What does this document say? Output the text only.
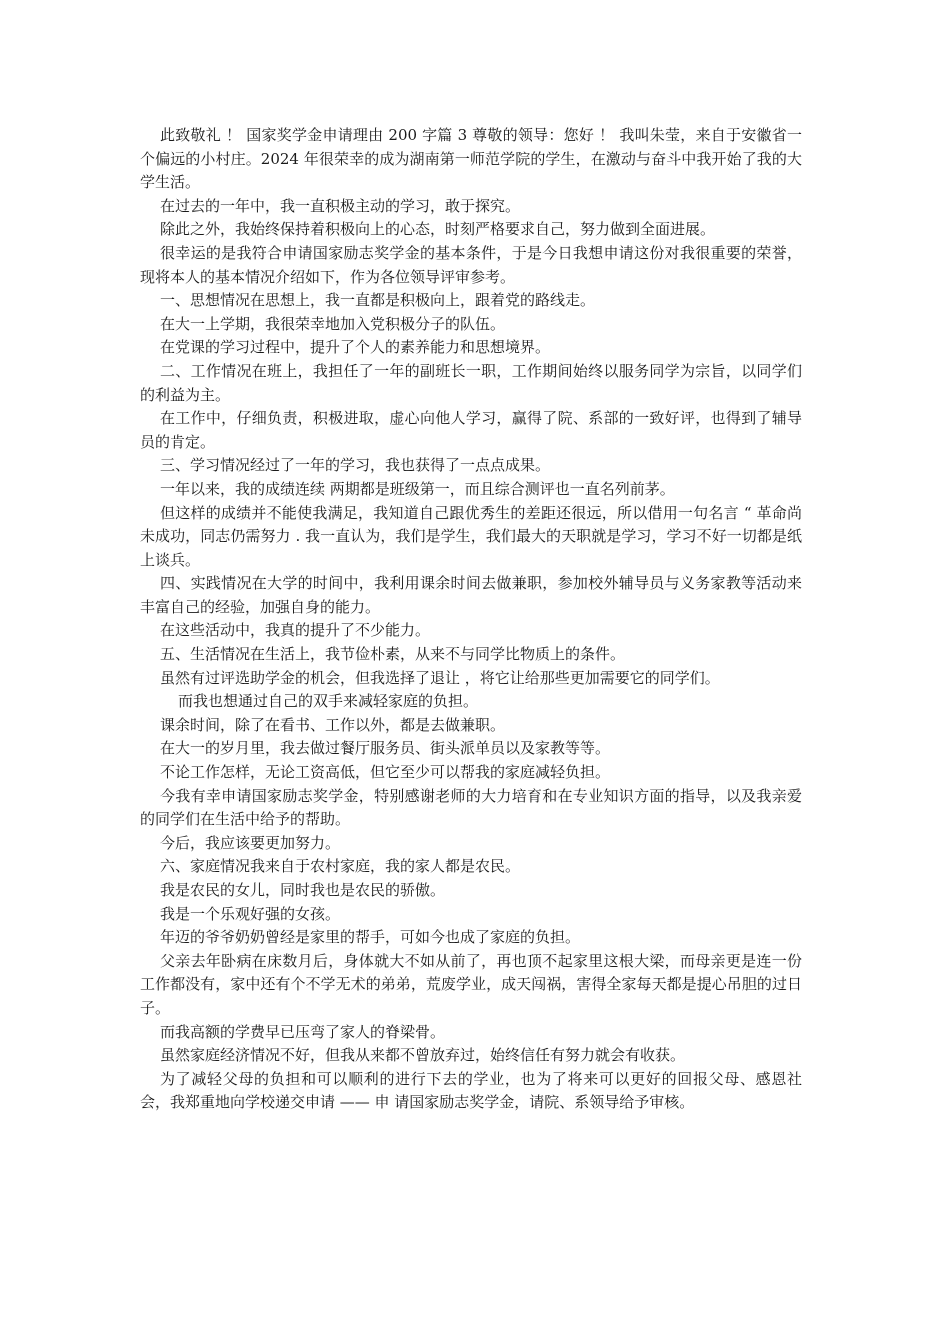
此致敬礼 ！ 国家奖学金申请理由 200 字篇 3 尊敬的领导：您好 ！ 我叫朱莹，来自于安徽省一个偏远的小村庄。2024 年很荣幸的成为湖南第一师范学院的学生，在激动与奋斗中我开始了我的大学生活。

在过去的一年中，我一直积极主动的学习，敢于探究。

除此之外，我始终保持着积极向上的心态，时刻严格要求自己，努力做到全面进展。

很幸运的是我符合申请国家励志奖学金的基本条件，于是今日我想申请这份对我很重要的荣誉， 现将本人的基本情况介绍如下，作为各位领导评审参考。

一、思想情况在思想上，我一直都是积极向上，跟着党的路线走。

在大一上学期，我很荣幸地加入党积极分子的队伍。

在党课的学习过程中，提升了个人的素养能力和思想境界。

二、工作情况在班上，我担任了一年的副班长一职，工作期间始终以服务同学为宗旨，以同学们的利益为主。

在工作中，仔细负责，积极进取，虚心向他人学习，赢得了院、系部的一致好评，也得到了辅导员的肯定。

三、学习情况经过了一年的学习，我也获得了一点点成果。

一年以来，我的成绩连续 两期都是班级第一，而且综合测评也一直名列前茅。

但这样的成绩并不能使我满足，我知道自己跟优秀生的差距还很远，所以借用一句名言 “ 革命尚未成功，同志仍需努力 . 我一直认为，我们是学生，我们最大的天职就是学习，学习不好一切都是纸上谈兵。

四、实践情况在大学的时间中，我利用课余时间去做兼职，参加校外辅导员与义务家教等活动来丰富自己的经验，加强自身的能力。

在这些活动中，我真的提升了不少能力。

五、生活情况在生活上，我节俭朴素，从来不与同学比物质上的条件。

虽然有过评选助学金的机会，但我选择了退让 ，将它让给那些更加需要它的同学们。

而我也想通过自己的双手来减轻家庭的负担。

课余时间，除了在看书、工作以外，都是去做兼职。

在大一的岁月里，我去做过餐厅服务员、街头派单员以及家教等等。

不论工作怎样，无论工资高低，但它至少可以帮我的家庭减轻负担。

今我有幸申请国家励志奖学金，特别感谢老师的大力培育和在专业知识方面的指导，以及我亲爱的同学们在生活中给予的帮助。

今后，我应该要更加努力。

六、家庭情况我来自于农村家庭，我的家人都是农民。

我是农民的女儿，同时我也是农民的骄傲。

我是一个乐观好强的女孩。

年迈的爷爷奶奶曾经是家里的帮手，可如今也成了家庭的负担。

父亲去年卧病在床数月后，身体就大不如从前了，再也顶不起家里这根大梁，而母亲更是连一份工作都没有，家中还有个不学无术的弟弟，荒废学业，成天闯祸，害得全家每天都是提心吊胆的过日子。

而我高额的学费早已压弯了家人的脊梁骨。

虽然家庭经济情况不好，但我从来都不曾放弃过，始终信任有努力就会有收获。

为了减轻父母的负担和可以顺利的进行下去的学业，也为了将来可以更好的回报父母、感恩社会，我郑重地向学校递交申请 —— 申 请国家励志奖学金，请院、系领导给予审核。
